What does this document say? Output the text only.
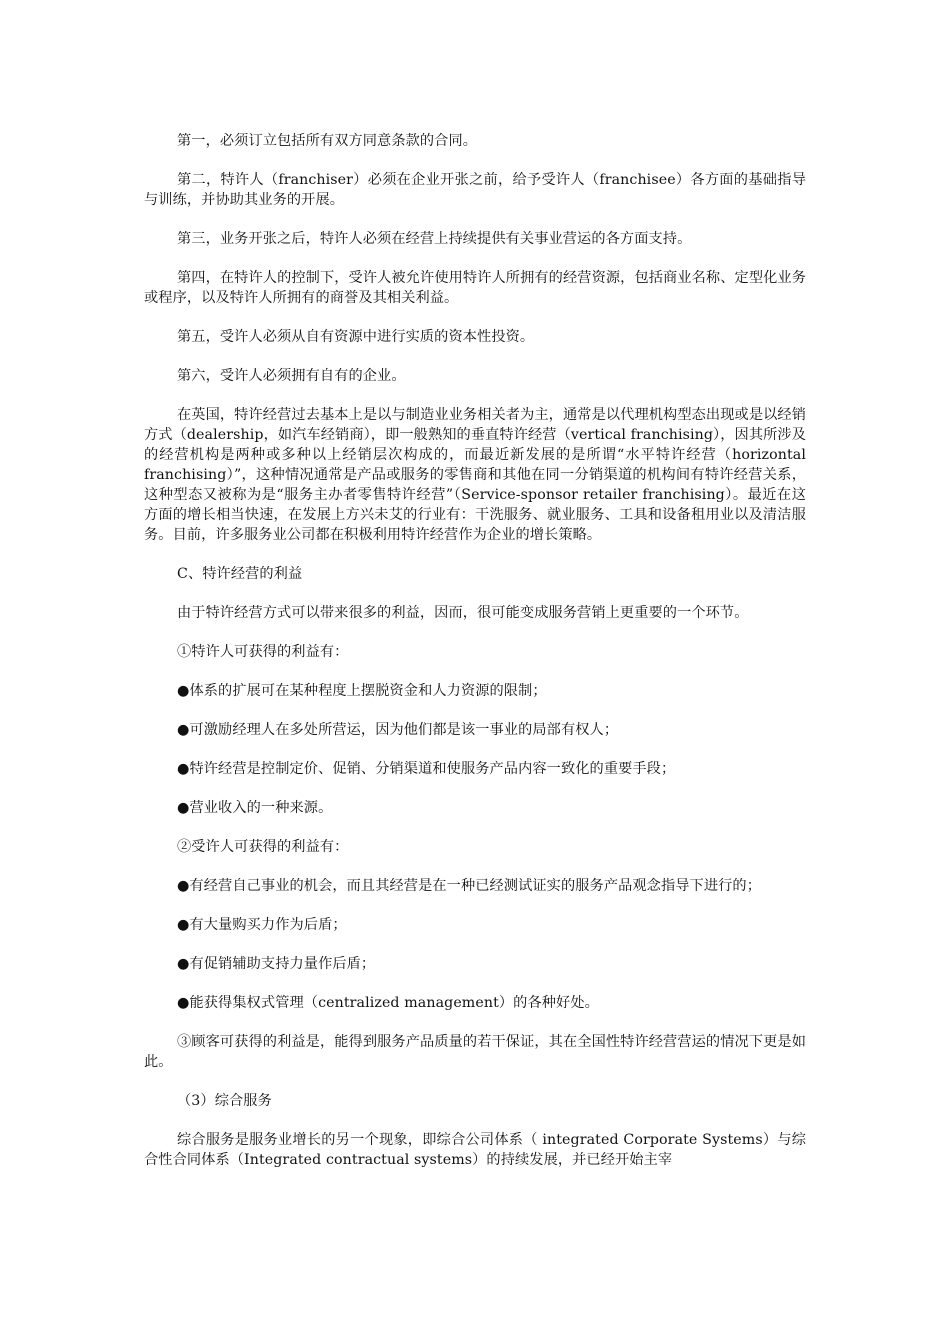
第一，必须订立包括所有双方同意条款的合同。

第二，特许人（franchiser）必须在企业开张之前，给予受许人（franchisee）各方面的基础指导与训练，并协助其业务的开展。

第三，业务开张之后，特许人必须在经营上持续提供有关事业营运的各方面支持。

第四，在特许人的控制下，受许人被允许使用特许人所拥有的经营资源，包括商业名称、定型化业务或程序，以及特许人所拥有的商誉及其相关利益。

第五，受许人必须从自有资源中进行实质的资本性投资。

第六，受许人必须拥有自有的企业。

在英国，特许经营过去基本上是以与制造业业务相关者为主，通常是以代理机构型态出现或是以经销方式（dealership，如汽车经销商），即一般熟知的垂直特许经营（vertical franchising），因其所涉及的经营机构是两种或多种以上经销层次构成的，而最近新发展的是所谓“水平特许经营（horizontal franchising）”，这种情况通常是产品或服务的零售商和其他在同一分销渠道的机构间有特许经营关系，这种型态又被称为是“服务主办者零售特许经营”（Service-sponsor retailer franchising）。最近在这方面的增长相当快速，在发展上方兴未艾的行业有：干洗服务、就业服务、工具和设备租用业以及清洁服务。目前，许多服务业公司都在积极利用特许经营作为企业的增长策略。

C、特许经营的利益

由于特许经营方式可以带来很多的利益，因而，很可能变成服务营销上更重要的一个环节。

①特许人可获得的利益有：

●体系的扩展可在某种程度上摆脱资金和人力资源的限制；

●可激励经理人在多处所营运，因为他们都是该一事业的局部有权人；

●特许经营是控制定价、促销、分销渠道和使服务产品内容一致化的重要手段；

●营业收入的一种来源。

②受许人可获得的利益有：

●有经营自己事业的机会，而且其经营是在一种已经测试证实的服务产品观念指导下进行的；

●有大量购买力作为后盾；

●有促销辅助支持力量作后盾；

●能获得集权式管理（centralized management）的各种好处。

③顾客可获得的利益是，能得到服务产品质量的若干保证，其在全国性特许经营营运的情况下更是如此。

（3）综合服务

综合服务是服务业增长的另一个现象，即综合公司体系（ integrated Corporate Systems）与综合性合同体系（Integrated contractual systems）的持续发展，并已经开始主宰
